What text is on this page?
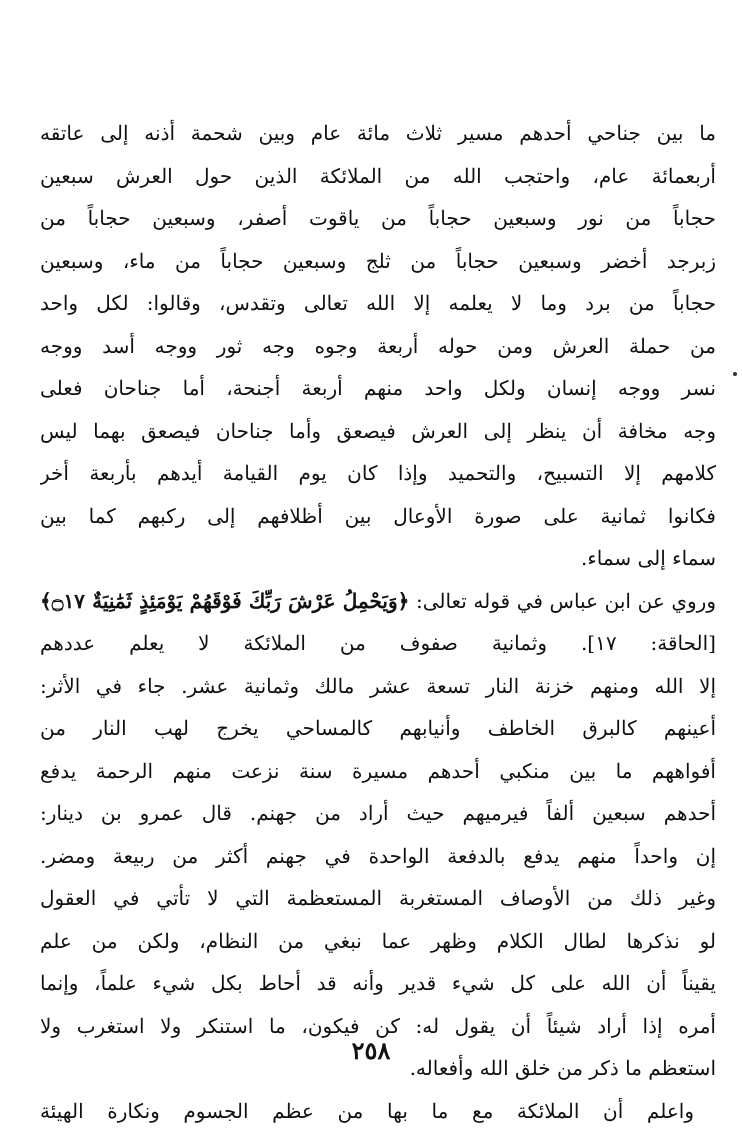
ما بين جناحي أحدهم مسير ثلاث مائة عام وبين شحمة أذنه إلى عاتقه
أربعمائة عام، واحتجب الله من الملائكة الذين حول العرش سبعين
حجاباً من نور وسبعين حجاباً من ياقوت أصفر، وسبعين حجاباً من
زبرجد أخضر وسبعين حجاباً من ثلج وسبعين حجاباً من ماء، وسبعين
حجاباً من برد وما لا يعلمه إلا الله تعالى وتقدس، وقالوا: لكل واحد
من حملة العرش ومن حوله أربعة وجوه وجه ثور ووجه أسد ووجه
نسر ووجه إنسان ولكل واحد منهم أربعة أجنحة، أما جناحان فعلى
وجه مخافة أن ينظر إلى العرش فيصعق وأما جناحان فيصعق بهما ليس
كلامهم إلا التسبيح، والتحميد وإذا كان يوم القيامة أيدهم بأربعة أخر
فكانوا ثمانية على صورة الأوعال بين أظلافهم إلى ركبهم كما بين
سماء إلى سماء.
وروي عن ابن عباس في قوله تعالى: ﴿وَيَحْمِلُ عَرْشَ رَبِّكَ فَوْقَهُمْ يَوْمَئِذٍ ثَمَٰنِيَةٌ ۝١٧﴾
[الحاقة: ١٧]. وثمانية صفوف من الملائكة لا يعلم عددهم
إلا الله ومنهم خزنة النار تسعة عشر مالك وثمانية عشر. جاء في الأثر:
أعينهم كالبرق الخاطف وأنيابهم كالمساحي يخرج لهب النار من
أفواههم ما بين منكبي أحدهم مسيرة سنة نزعت منهم الرحمة يدفع
أحدهم سبعين ألفاً فيرميهم حيث أراد من جهنم. قال عمرو بن دينار:
إن واحداً منهم يدفع بالدفعة الواحدة في جهنم أكثر من ربيعة ومضر.
وغير ذلك من الأوصاف المستغربة المستعظمة التي لا تأتي في العقول
لو نذكرها لطال الكلام وظهر عما نبغي من النظام، ولكن من علم
يقيناً أن الله على كل شيء قدير وأنه قد أحاط بكل شيء علماً، وإنما
أمره إذا أراد شيئاً أن يقول له: كن فيكون، ما استنكر ولا استغرب ولا
استعظم ما ذكر من خلق الله وأفعاله.
واعلم أن الملائكة مع ما بها من عظم الجسوم ونكارة الهيئة
٢٥٨
